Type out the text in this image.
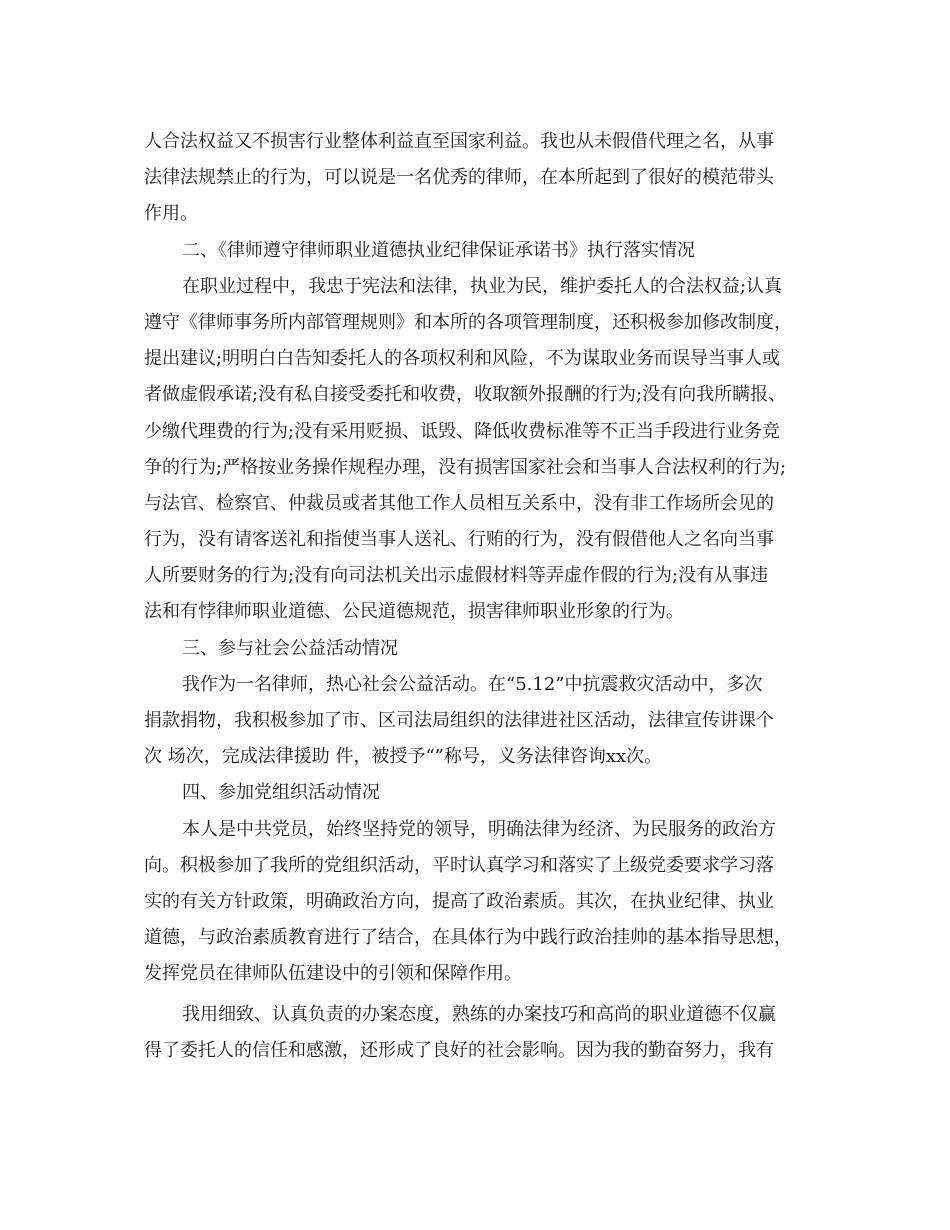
人合法权益又不损害行业整体利益直至国家利益。我也从未假借代理之名，从事
法律法规禁止的行为，可以说是一名优秀的律师，在本所起到了很好的模范带头
作用。
二、《律师遵守律师职业道德执业纪律保证承诺书》执行落实情况
在职业过程中，我忠于宪法和法律，执业为民，维护委托人的合法权益;认真
遵守《律师事务所内部管理规则》和本所的各项管理制度，还积极参加修改制度，
提出建议;明明白白告知委托人的各项权利和风险，不为谋取业务而误导当事人或
者做虚假承诺;没有私自接受委托和收费，收取额外报酬的行为;没有向我所瞒报、
少缴代理费的行为;没有采用贬损、诋毁、降低收费标准等不正当手段进行业务竞
争的行为;严格按业务操作规程办理，没有损害国家社会和当事人合法权利的行为;
与法官、检察官、仲裁员或者其他工作人员相互关系中，没有非工作场所会见的
行为，没有请客送礼和指使当事人送礼、行贿的行为，没有假借他人之名向当事
人所要财务的行为;没有向司法机关出示虚假材料等弄虚作假的行为;没有从事违
法和有悖律师职业道德、公民道德规范，损害律师职业形象的行为。
三、参与社会公益活动情况
我作为一名律师，热心社会公益活动。在“5.12”中抗震救灾活动中，多次
捐款捐物，我积极参加了市、区司法局组织的法律进社区活动，法律宣传讲课个
次 场次，完成法律援助 件，被授予“”称号，义务法律咨询xx次。
四、参加党组织活动情况
本人是中共党员，始终坚持党的领导，明确法律为经济、为民服务的政治方
向。积极参加了我所的党组织活动，平时认真学习和落实了上级党委要求学习落
实的有关方针政策，明确政治方向，提高了政治素质。其次，在执业纪律、执业
道德，与政治素质教育进行了结合，在具体行为中践行政治挂帅的基本指导思想，
发挥党员在律师队伍建设中的引领和保障作用。
我用细致、认真负责的办案态度，熟练的办案技巧和高尚的职业道德不仅赢
得了委托人的信任和感激，还形成了良好的社会影响。因为我的勤奋努力，我有
